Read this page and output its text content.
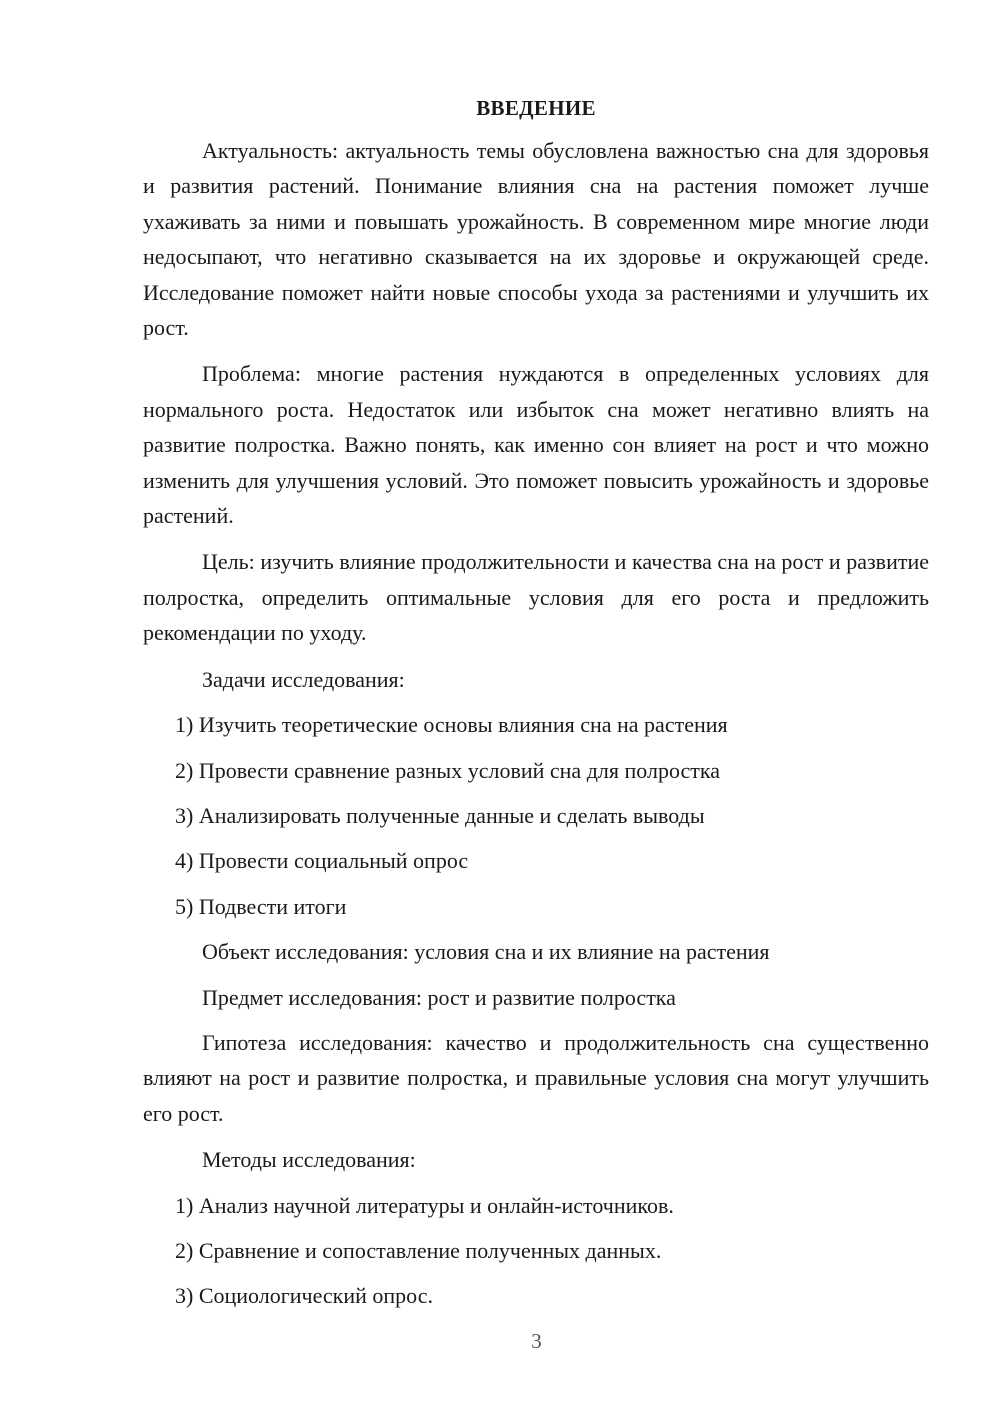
ВВЕДЕНИЕ

Актуальность: актуальность темы обусловлена важностью сна для здоровья и развития растений. Понимание влияния сна на растения поможет лучше ухаживать за ними и повышать урожайность. В современном мире многие люди недосыпают, что негативно сказывается на их здоровье и окружающей среде. Исследование поможет найти новые способы ухода за растениями и улучшить их рост.

Проблема: многие растения нуждаются в определенных условиях для нормального роста. Недостаток или избыток сна может негативно влиять на развитие полростка. Важно понять, как именно сон влияет на рост и что можно изменить для улучшения условий. Это поможет повысить урожайность и здоровье растений.

Цель: изучить влияние продолжительности и качества сна на рост и развитие полростка, определить оптимальные условия для его роста и предложить рекомендации по уходу.

Задачи исследования:

1) Изучить теоретические основы влияния сна на растения

2) Провести сравнение разных условий сна для полростка

3) Анализировать полученные данные и сделать выводы

4) Провести социальный опрос

5) Подвести итоги

Объект исследования: условия сна и их влияние на растения

Предмет исследования: рост и развитие полростка

Гипотеза исследования: качество и продолжительность сна существенно влияют на рост и развитие полростка, и правильные условия сна могут улучшить его рост.

Методы исследования:

1) Анализ научной литературы и онлайн-источников.

2) Сравнение и сопоставление полученных данных.

3) Социологический опрос.

3
